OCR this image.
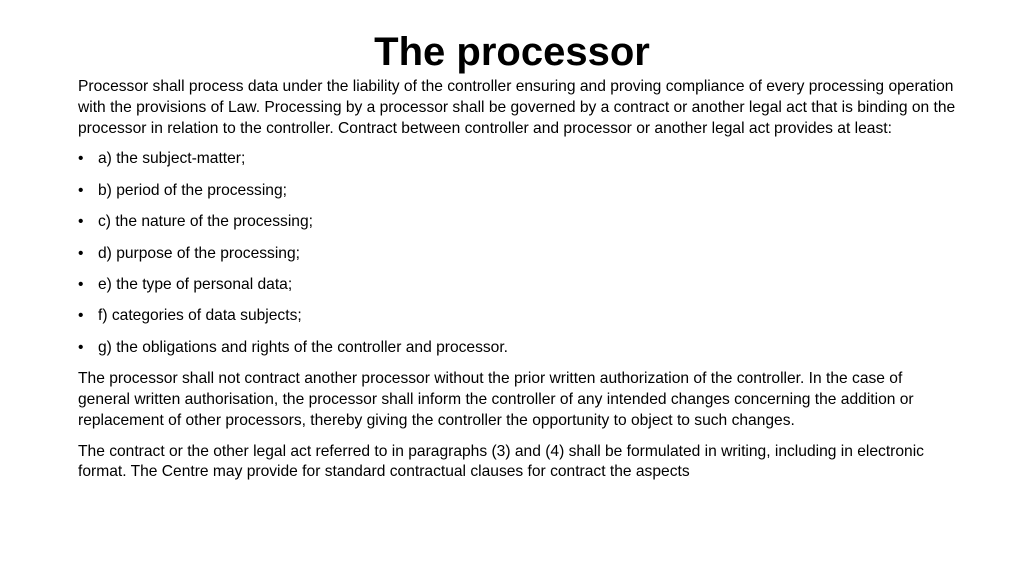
The processor

Processor shall process data under the liability of the controller ensuring and proving compliance of every processing operation with the provisions of Law. Processing by a processor shall be governed by a contract or another legal act that is binding on the processor in relation to the controller. Contract between controller and processor or another legal act provides at least:

• a) the subject-matter;
• b) period of the processing;
• c) the nature of the processing;
• d) purpose of the processing;
• e) the type of personal data;
• f) categories of data subjects;
• g) the obligations and rights of the controller and processor.

The processor shall not contract another processor without the prior written authorization of the controller. In the case of general written authorisation, the processor shall inform the controller of any intended changes concerning the addition or replacement of other processors, thereby giving the controller the opportunity to object to such changes.

The contract or the other legal act referred to in paragraphs (3) and (4) shall be formulated in writing, including in electronic format. The Centre may provide for standard contractual clauses for contract the aspects
